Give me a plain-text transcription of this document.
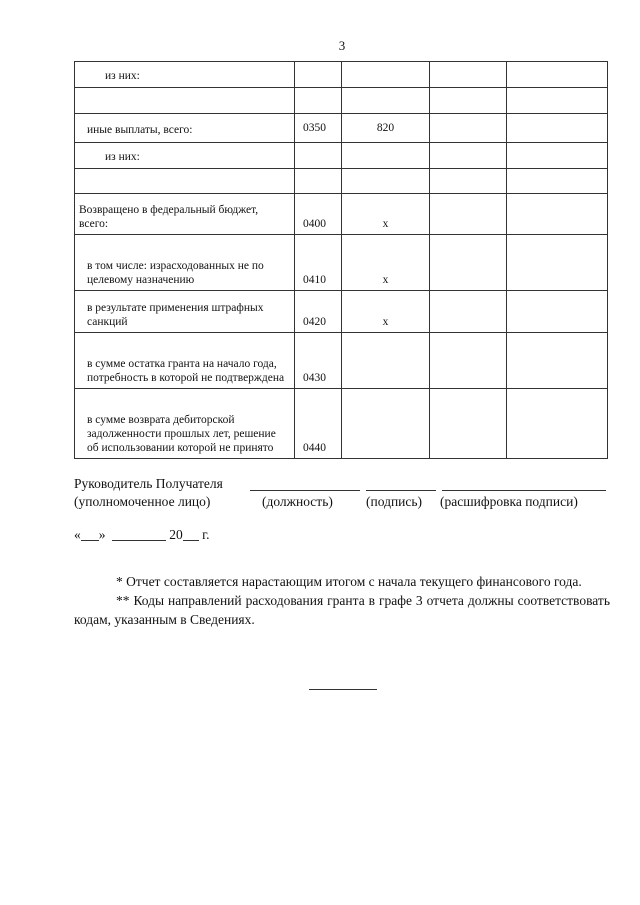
3
из них:				

иные выплаты, всего:	0350	820		
из них:				

Возвращено в федеральный бюджет, всего:	0400	x		
в том числе: израсходованных не по целевому назначению	0410	x		
в результате применения штрафных санкций	0420	x		
в сумме остатка гранта на начало года, потребность в которой не подтверждена	0430			
в сумме возврата дебиторской задолженности прошлых лет, решение об использовании которой не принято	0440			
Руководитель Получателя
(уполномоченное лицо)	(должность) (подпись) (расшифровка подписи)
« »	20 г.

* Отчет составляется нарастающим итогом с начала текущего финансового года.

** Коды направлений расходования гранта в графе 3 отчета должны соответствовать кодам, указанным в Сведениях.
